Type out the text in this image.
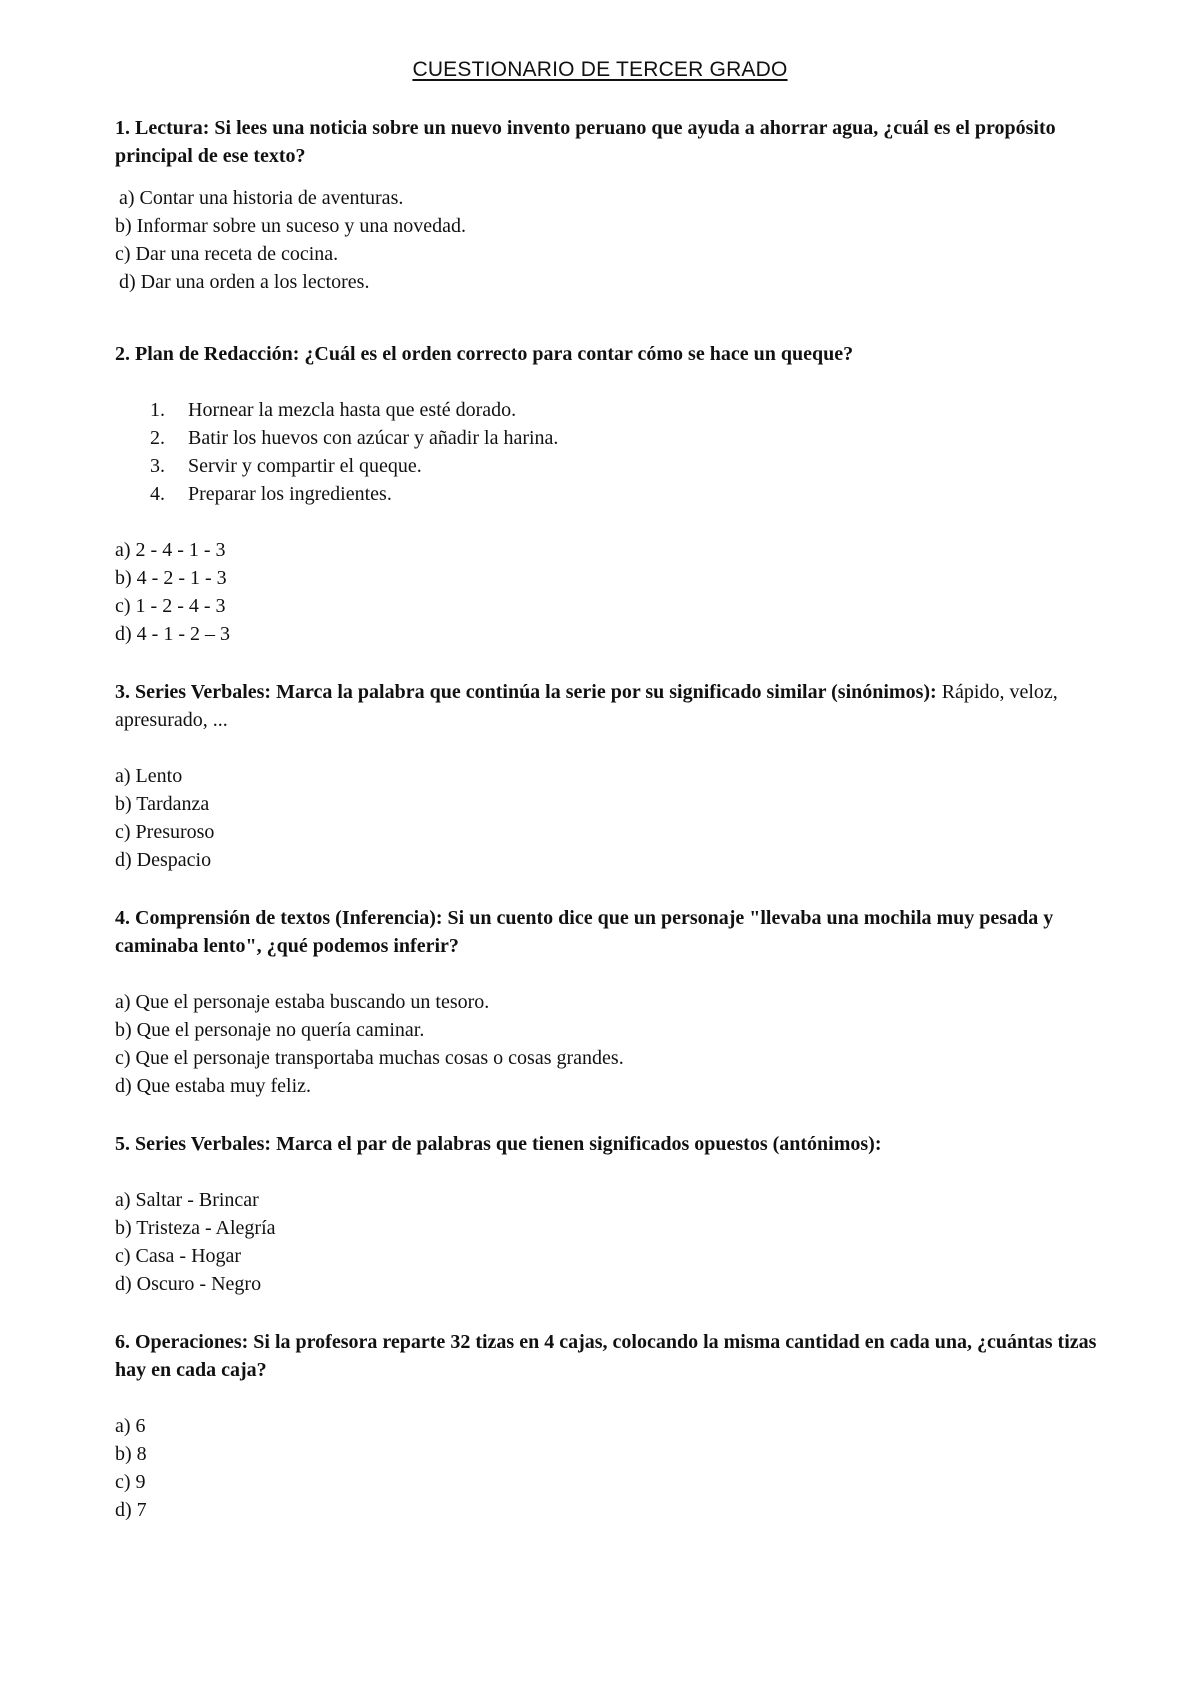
CUESTIONARIO DE TERCER GRADO
1. Lectura: Si lees una noticia sobre un nuevo invento peruano que ayuda a ahorrar agua, ¿cuál es el propósito principal de ese texto?
a) Contar una historia de aventuras.
b) Informar sobre un suceso y una novedad.
c) Dar una receta de cocina.
d) Dar una orden a los lectores.
2. Plan de Redacción: ¿Cuál es el orden correcto para contar cómo se hace un queque?
1. Hornear la mezcla hasta que esté dorado.
2. Batir los huevos con azúcar y añadir la harina.
3. Servir y compartir el queque.
4. Preparar los ingredientes.
a) 2 - 4 - 1 - 3
b) 4 - 2 - 1 - 3
c) 1 - 2 - 4 - 3
d) 4 - 1 - 2 – 3
3. Series Verbales: Marca la palabra que continúa la serie por su significado similar (sinónimos): Rápido, veloz, apresurado, ...
a) Lento
b) Tardanza
c) Presuroso
d) Despacio
4. Comprensión de textos (Inferencia): Si un cuento dice que un personaje "llevaba una mochila muy pesada y caminaba lento", ¿qué podemos inferir?
a) Que el personaje estaba buscando un tesoro.
b) Que el personaje no quería caminar.
c) Que el personaje transportaba muchas cosas o cosas grandes.
d) Que estaba muy feliz.
5. Series Verbales: Marca el par de palabras que tienen significados opuestos (antónimos):
a) Saltar - Brincar
b) Tristeza - Alegría
c) Casa - Hogar
d) Oscuro - Negro
6. Operaciones: Si la profesora reparte 32 tizas en 4 cajas, colocando la misma cantidad en cada una, ¿cuántas tizas hay en cada caja?
a) 6
b) 8
c) 9
d) 7
